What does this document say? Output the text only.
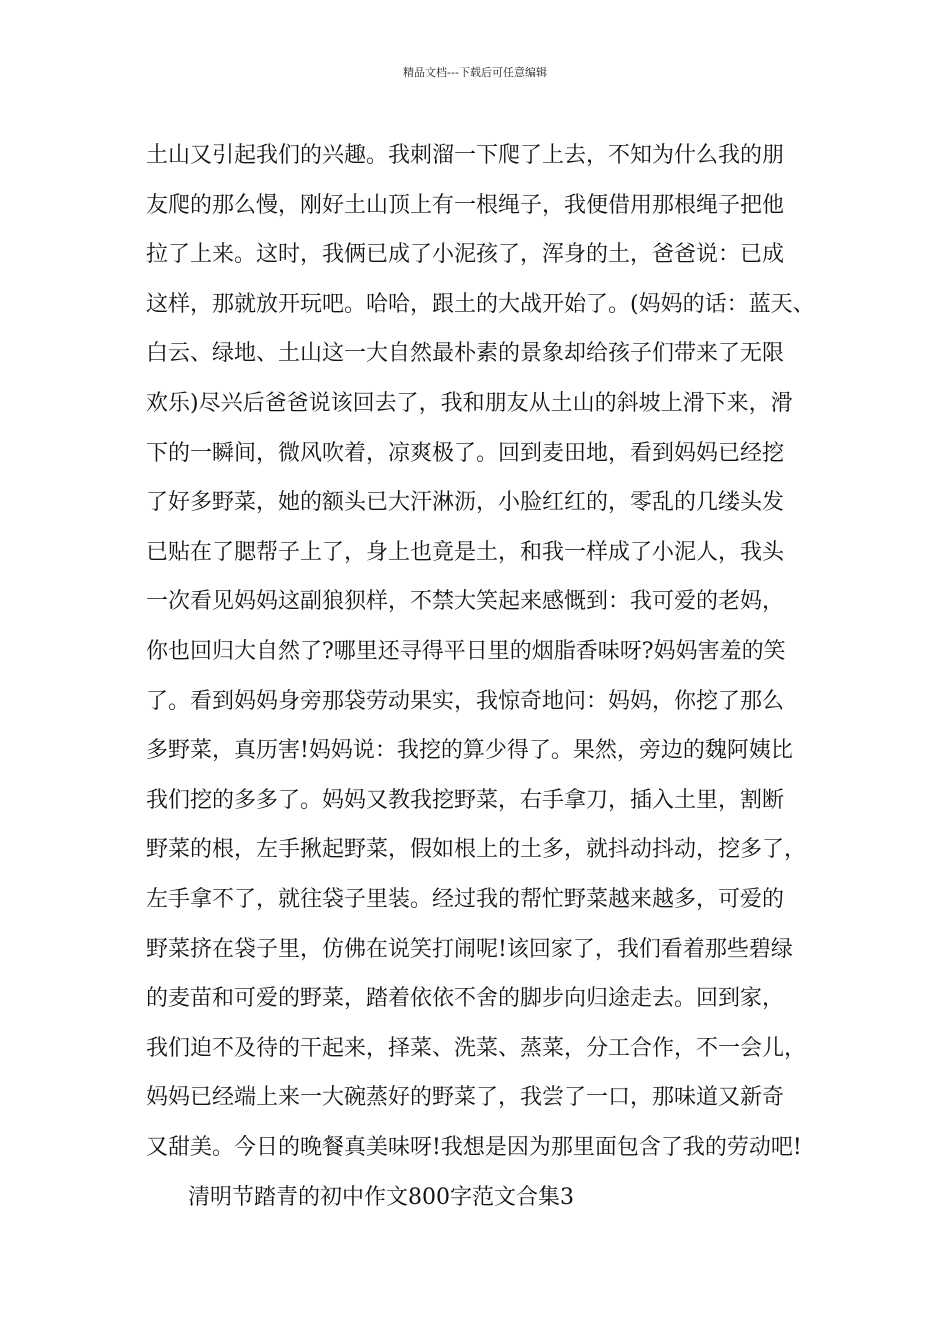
精品文档---下载后可任意编辑
土山又引起我们的兴趣。我刺溜一下爬了上去，不知为什么我的朋
友爬的那么慢，刚好土山顶上有一根绳子，我便借用那根绳子把他
拉了上来。这时，我俩已成了小泥孩了，浑身的土，爸爸说：已成
这样，那就放开玩吧。哈哈，跟土的大战开始了。(妈妈的话：蓝天、
白云、绿地、土山这一大自然最朴素的景象却给孩子们带来了无限
欢乐)尽兴后爸爸说该回去了，我和朋友从土山的斜坡上滑下来，滑
下的一瞬间，微风吹着，凉爽极了。回到麦田地，看到妈妈已经挖
了好多野菜，她的额头已大汗淋沥，小脸红红的，零乱的几缕头发
已贴在了腮帮子上了，身上也竟是土，和我一样成了小泥人，我头
一次看见妈妈这副狼狈样，不禁大笑起来感慨到：我可爱的老妈，
你也回归大自然了?哪里还寻得平日里的烟脂香味呀?妈妈害羞的笑
了。看到妈妈身旁那袋劳动果实，我惊奇地问：妈妈，你挖了那么
多野菜，真历害!妈妈说：我挖的算少得了。果然，旁边的魏阿姨比
我们挖的多多了。妈妈又教我挖野菜，右手拿刀，插入土里，割断
野菜的根，左手揪起野菜，假如根上的土多，就抖动抖动，挖多了，
左手拿不了，就往袋子里装。经过我的帮忙野菜越来越多，可爱的
野菜挤在袋子里，仿佛在说笑打闹呢!该回家了，我们看着那些碧绿
的麦苗和可爱的野菜，踏着依依不舍的脚步向归途走去。回到家，
我们迫不及待的干起来，择菜、洗菜、蒸菜，分工合作，不一会儿，
妈妈已经端上来一大碗蒸好的野菜了，我尝了一口，那味道又新奇
又甜美。今日的晚餐真美味呀!我想是因为那里面包含了我的劳动吧!
清明节踏青的初中作文800字范文合集3
